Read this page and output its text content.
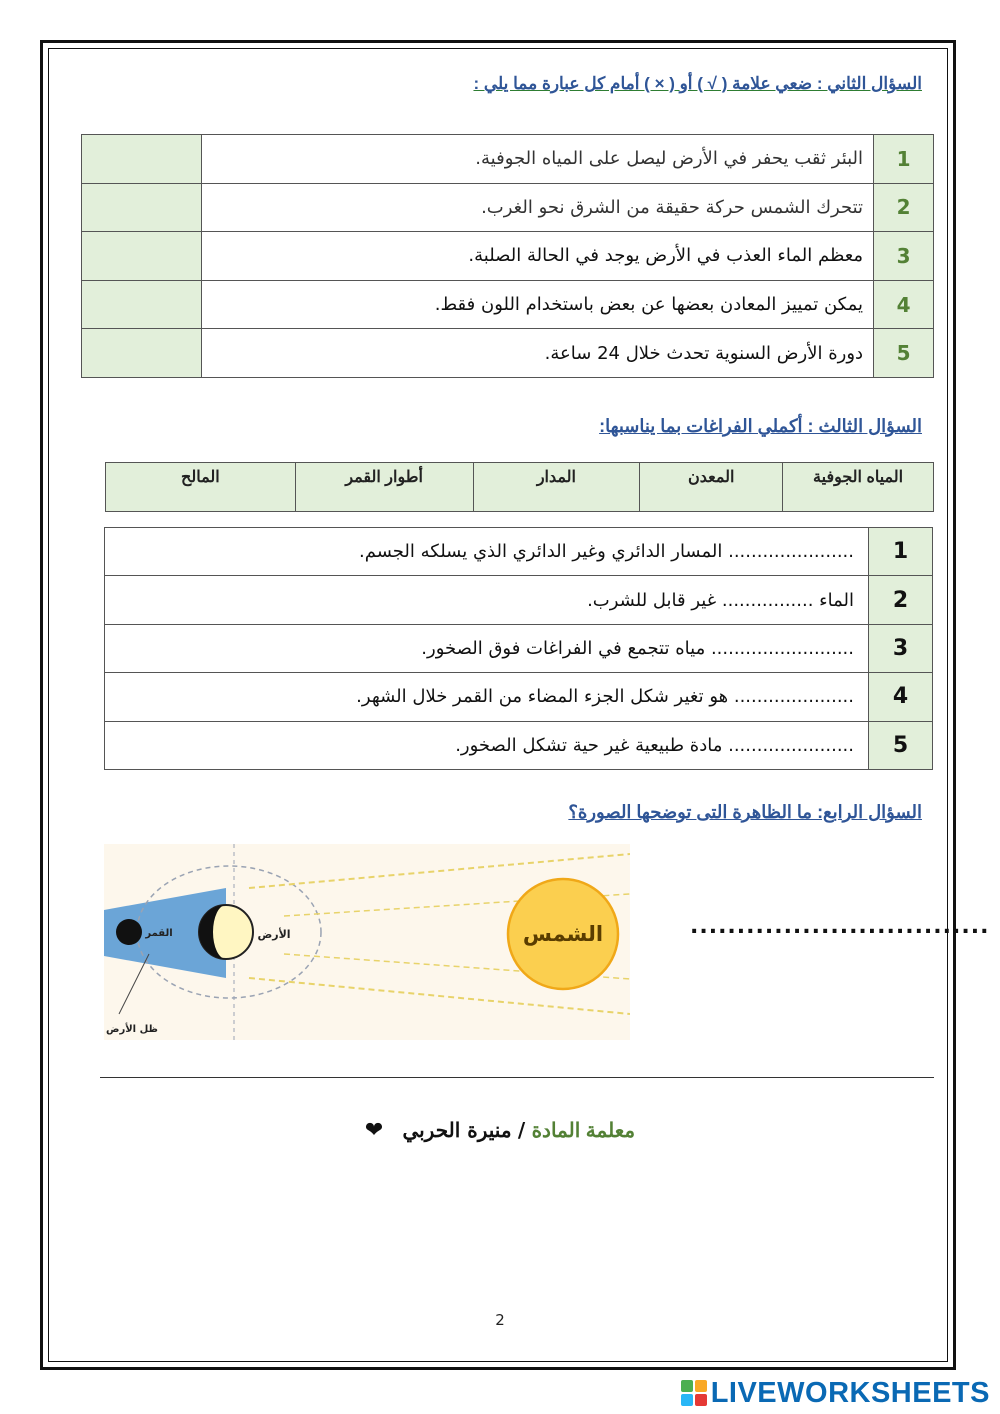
السؤال الثاني : ضعي علامة ( √ ) أو ( × ) أمام كل عبارة مما يلي :
	البئر ثقب يحفر في الأرض ليصل على المياه الجوفية.	1
	تتحرك الشمس حركة حقيقة من الشرق نحو الغرب.	2
	معظم الماء العذب في الأرض يوجد في الحالة الصلبة.	3
	يمكن تمييز المعادن بعضها عن بعض باستخدام اللون فقط.	4
	دورة الأرض السنوية تحدث خلال 24 ساعة.	5
السؤال الثالث : أكملي الفراغات بما يناسبها:
المالح	أطوار القمر	المدار	المعدن	المياه الجوفية
...................... المسار الدائري وغير الدائري الذي يسلكه الجسم.	1
الماء ................ غير قابل للشرب.	2
......................... مياه تتجمع في الفراغات فوق الصخور.	3
..................... هو تغير شكل الجزء المضاء من القمر خلال الشهر.	4
...................... مادة طبيعية غير حية تشكل الصخور.	5
السؤال الرابع: ما الظاهرة التى توضحها الصورة؟
الشمس
الأرض
القمر
ظل الأرض
................................
معلمة المادة / منيرة الحربي   ❤
2
LIVEWORKSHEETS
